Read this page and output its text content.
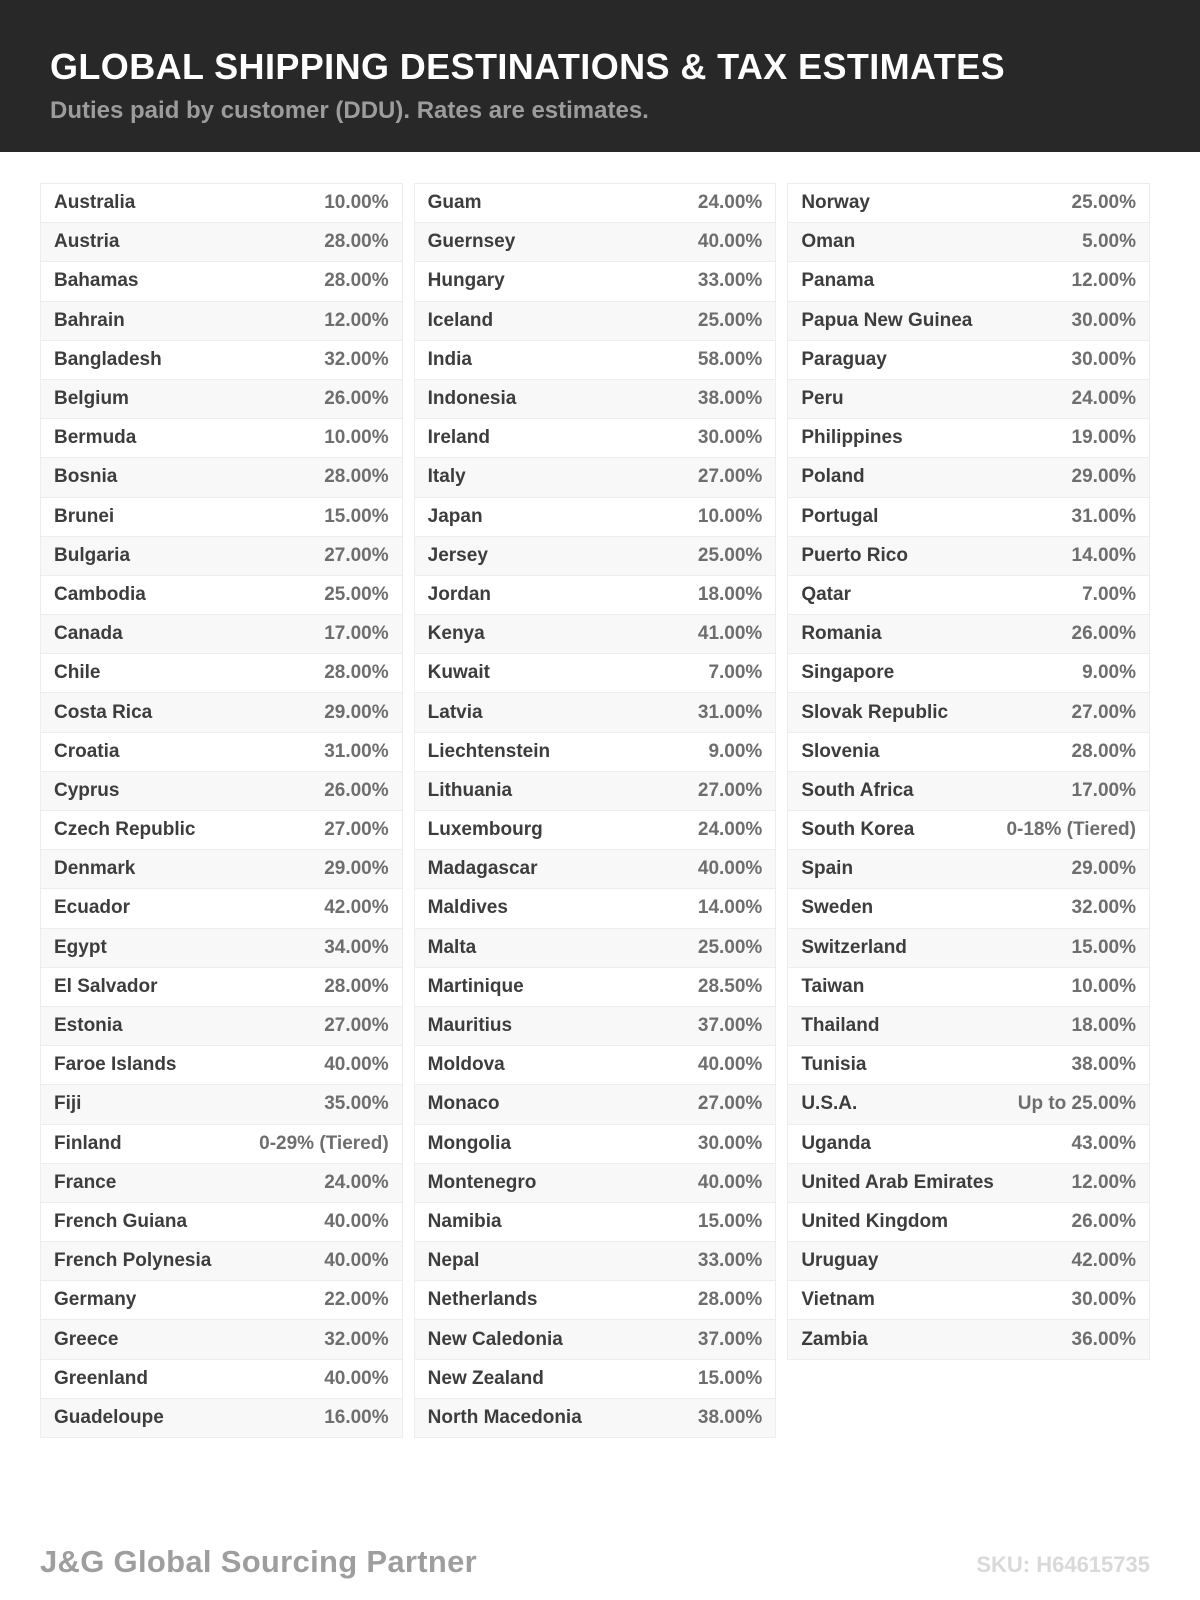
GLOBAL SHIPPING DESTINATIONS & TAX ESTIMATES

Duties paid by customer (DDU). Rates are estimates.

Australia	10.00%
Austria	28.00%
Bahamas	28.00%
Bahrain	12.00%
Bangladesh	32.00%
Belgium	26.00%
Bermuda	10.00%
Bosnia	28.00%
Brunei	15.00%
Bulgaria	27.00%
Cambodia	25.00%
Canada	17.00%
Chile	28.00%
Costa Rica	29.00%
Croatia	31.00%
Cyprus	26.00%
Czech Republic	27.00%
Denmark	29.00%
Ecuador	42.00%
Egypt	34.00%
El Salvador	28.00%
Estonia	27.00%
Faroe Islands	40.00%
Fiji	35.00%
Finland	0-29% (Tiered)
France	24.00%
French Guiana	40.00%
French Polynesia	40.00%
Germany	22.00%
Greece	32.00%
Greenland	40.00%
Guadeloupe	16.00%
Guam	24.00%
Guernsey	40.00%
Hungary	33.00%
Iceland	25.00%
India	58.00%
Indonesia	38.00%
Ireland	30.00%
Italy	27.00%
Japan	10.00%
Jersey	25.00%
Jordan	18.00%
Kenya	41.00%
Kuwait	7.00%
Latvia	31.00%
Liechtenstein	9.00%
Lithuania	27.00%
Luxembourg	24.00%
Madagascar	40.00%
Maldives	14.00%
Malta	25.00%
Martinique	28.50%
Mauritius	37.00%
Moldova	40.00%
Monaco	27.00%
Mongolia	30.00%
Montenegro	40.00%
Namibia	15.00%
Nepal	33.00%
Netherlands	28.00%
New Caledonia	37.00%
New Zealand	15.00%
North Macedonia	38.00%
Norway	25.00%
Oman	5.00%
Panama	12.00%
Papua New Guinea	30.00%
Paraguay	30.00%
Peru	24.00%
Philippines	19.00%
Poland	29.00%
Portugal	31.00%
Puerto Rico	14.00%
Qatar	7.00%
Romania	26.00%
Singapore	9.00%
Slovak Republic	27.00%
Slovenia	28.00%
South Africa	17.00%
South Korea	0-18% (Tiered)
Spain	29.00%
Sweden	32.00%
Switzerland	15.00%
Taiwan	10.00%
Thailand	18.00%
Tunisia	38.00%
U.S.A.	Up to 25.00%
Uganda	43.00%
United Arab Emirates	12.00%
United Kingdom	26.00%
Uruguay	42.00%
Vietnam	30.00%
Zambia	36.00%
J&G Global Sourcing Partner	SKU: H64615735
